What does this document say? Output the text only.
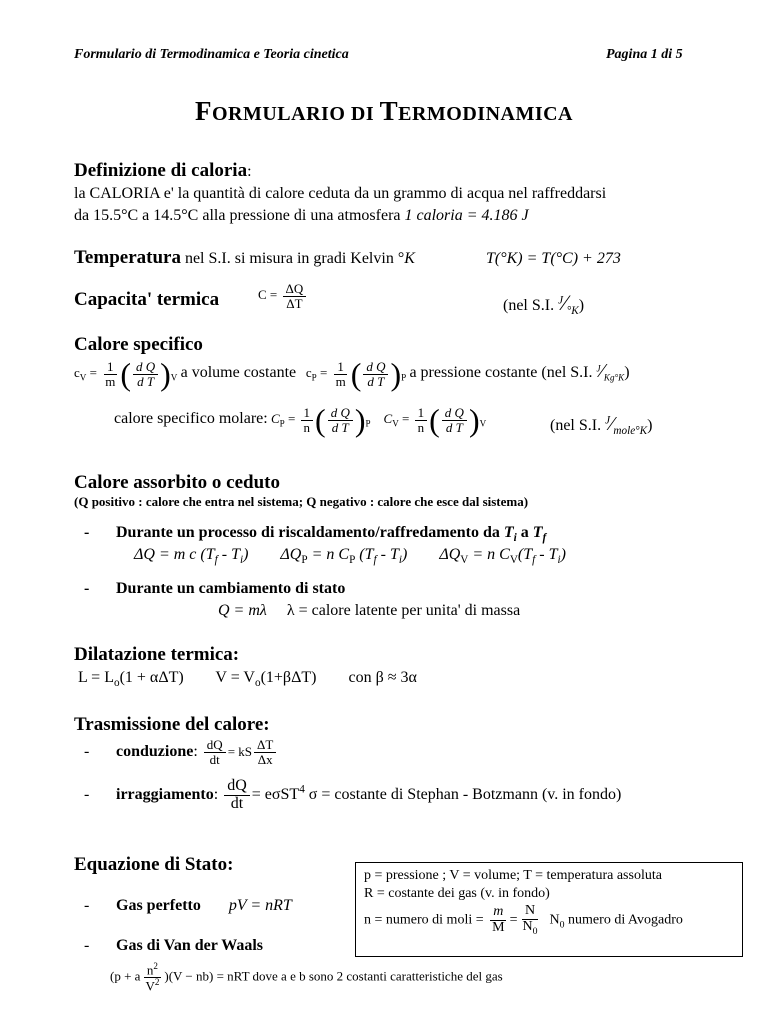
Formulario di Termodinamica e Teoria cinetica	Pagina 1 di 5
FORMULARIO DI TERMODINAMICA
Definizione di caloria:
la CALORIA e' la quantità di calore ceduta da un grammo di acqua nel raffreddarsi
da 15.5°C a 14.5°C alla pressione di una atmosfera 1 caloria = 4.186 J
Temperatura nel S.I. si misura in gradi Kelvin °K	T(°K) = T(°C) + 273
Capacita' termica	$C = \frac{\Delta Q}{\Delta T}$	(nel S.I. $^J⁄_{^\circ K}$)
Calore specifico
$c_V = \frac{1}{m}$ ( $\frac{\text{d Q}}{\text{d T}} )_V$ a volume costante $c_P = \frac{1}{m}$ ( $\frac{\text{d Q}}{\text{d T}} )_P$ a pressione costante (nel S.I. $^J⁄_{Kg^\circ K}$)
calore specifico molare: $C_P = \frac{1}{n}$ ( $\frac{\text{d Q}}{\text{d T}} )_P$ $C_V = \frac{1}{n}$ ( $\frac{\text{d Q}}{\text{d T}} )_V$	(nel S.I. $^J⁄_{mole^\circ K}$)
Calore assorbito o ceduto
(Q positivo : calore che entra nel sistema; Q negativo : calore che esce dal sistema)
- Durante un processo di riscaldamento/raffredamento da $T_i$ a $T_f$
ΔQ = m c $(T_f - T_i) \Delta Q_P = n$ $C_P$ $(T_f - T_i) \Delta Q_V = n$ $C_V(T_f - T_i)$
- Durante un cambiamento di stato
Q = mλ λ = calore latente per unita' di massa
Dilatazione termica:
$L = L_o(1 + \alpha\Delta T) V = V_o(1+\beta\Delta T)$ con β ≈ 3α
Trasmissione del calore:
- conduzione: $\frac{dQ}{dt}$ = kS $\frac{\Delta T}{\Delta x}$
- irraggiamento: $\frac{dQ}{dt} = e\sigma ST^4$ σ = costante di Stephan - Botzmann (v. in fondo)
Equazione di Stato:
- Gas perfetto pV = nRT
- Gas di Van der Waals
(p + a $\frac{n^2}{V^2} )(V - nb)$ = nRT dove a e b sono 2 costanti caratteristiche del gas
p = pressione ; V = volume; T = temperatura assoluta
R = costante dei gas (v. in fondo)
n = numero di moli = $\frac{m}{M} = \frac{N}{N_0} N_0$ numero di Avogadro
